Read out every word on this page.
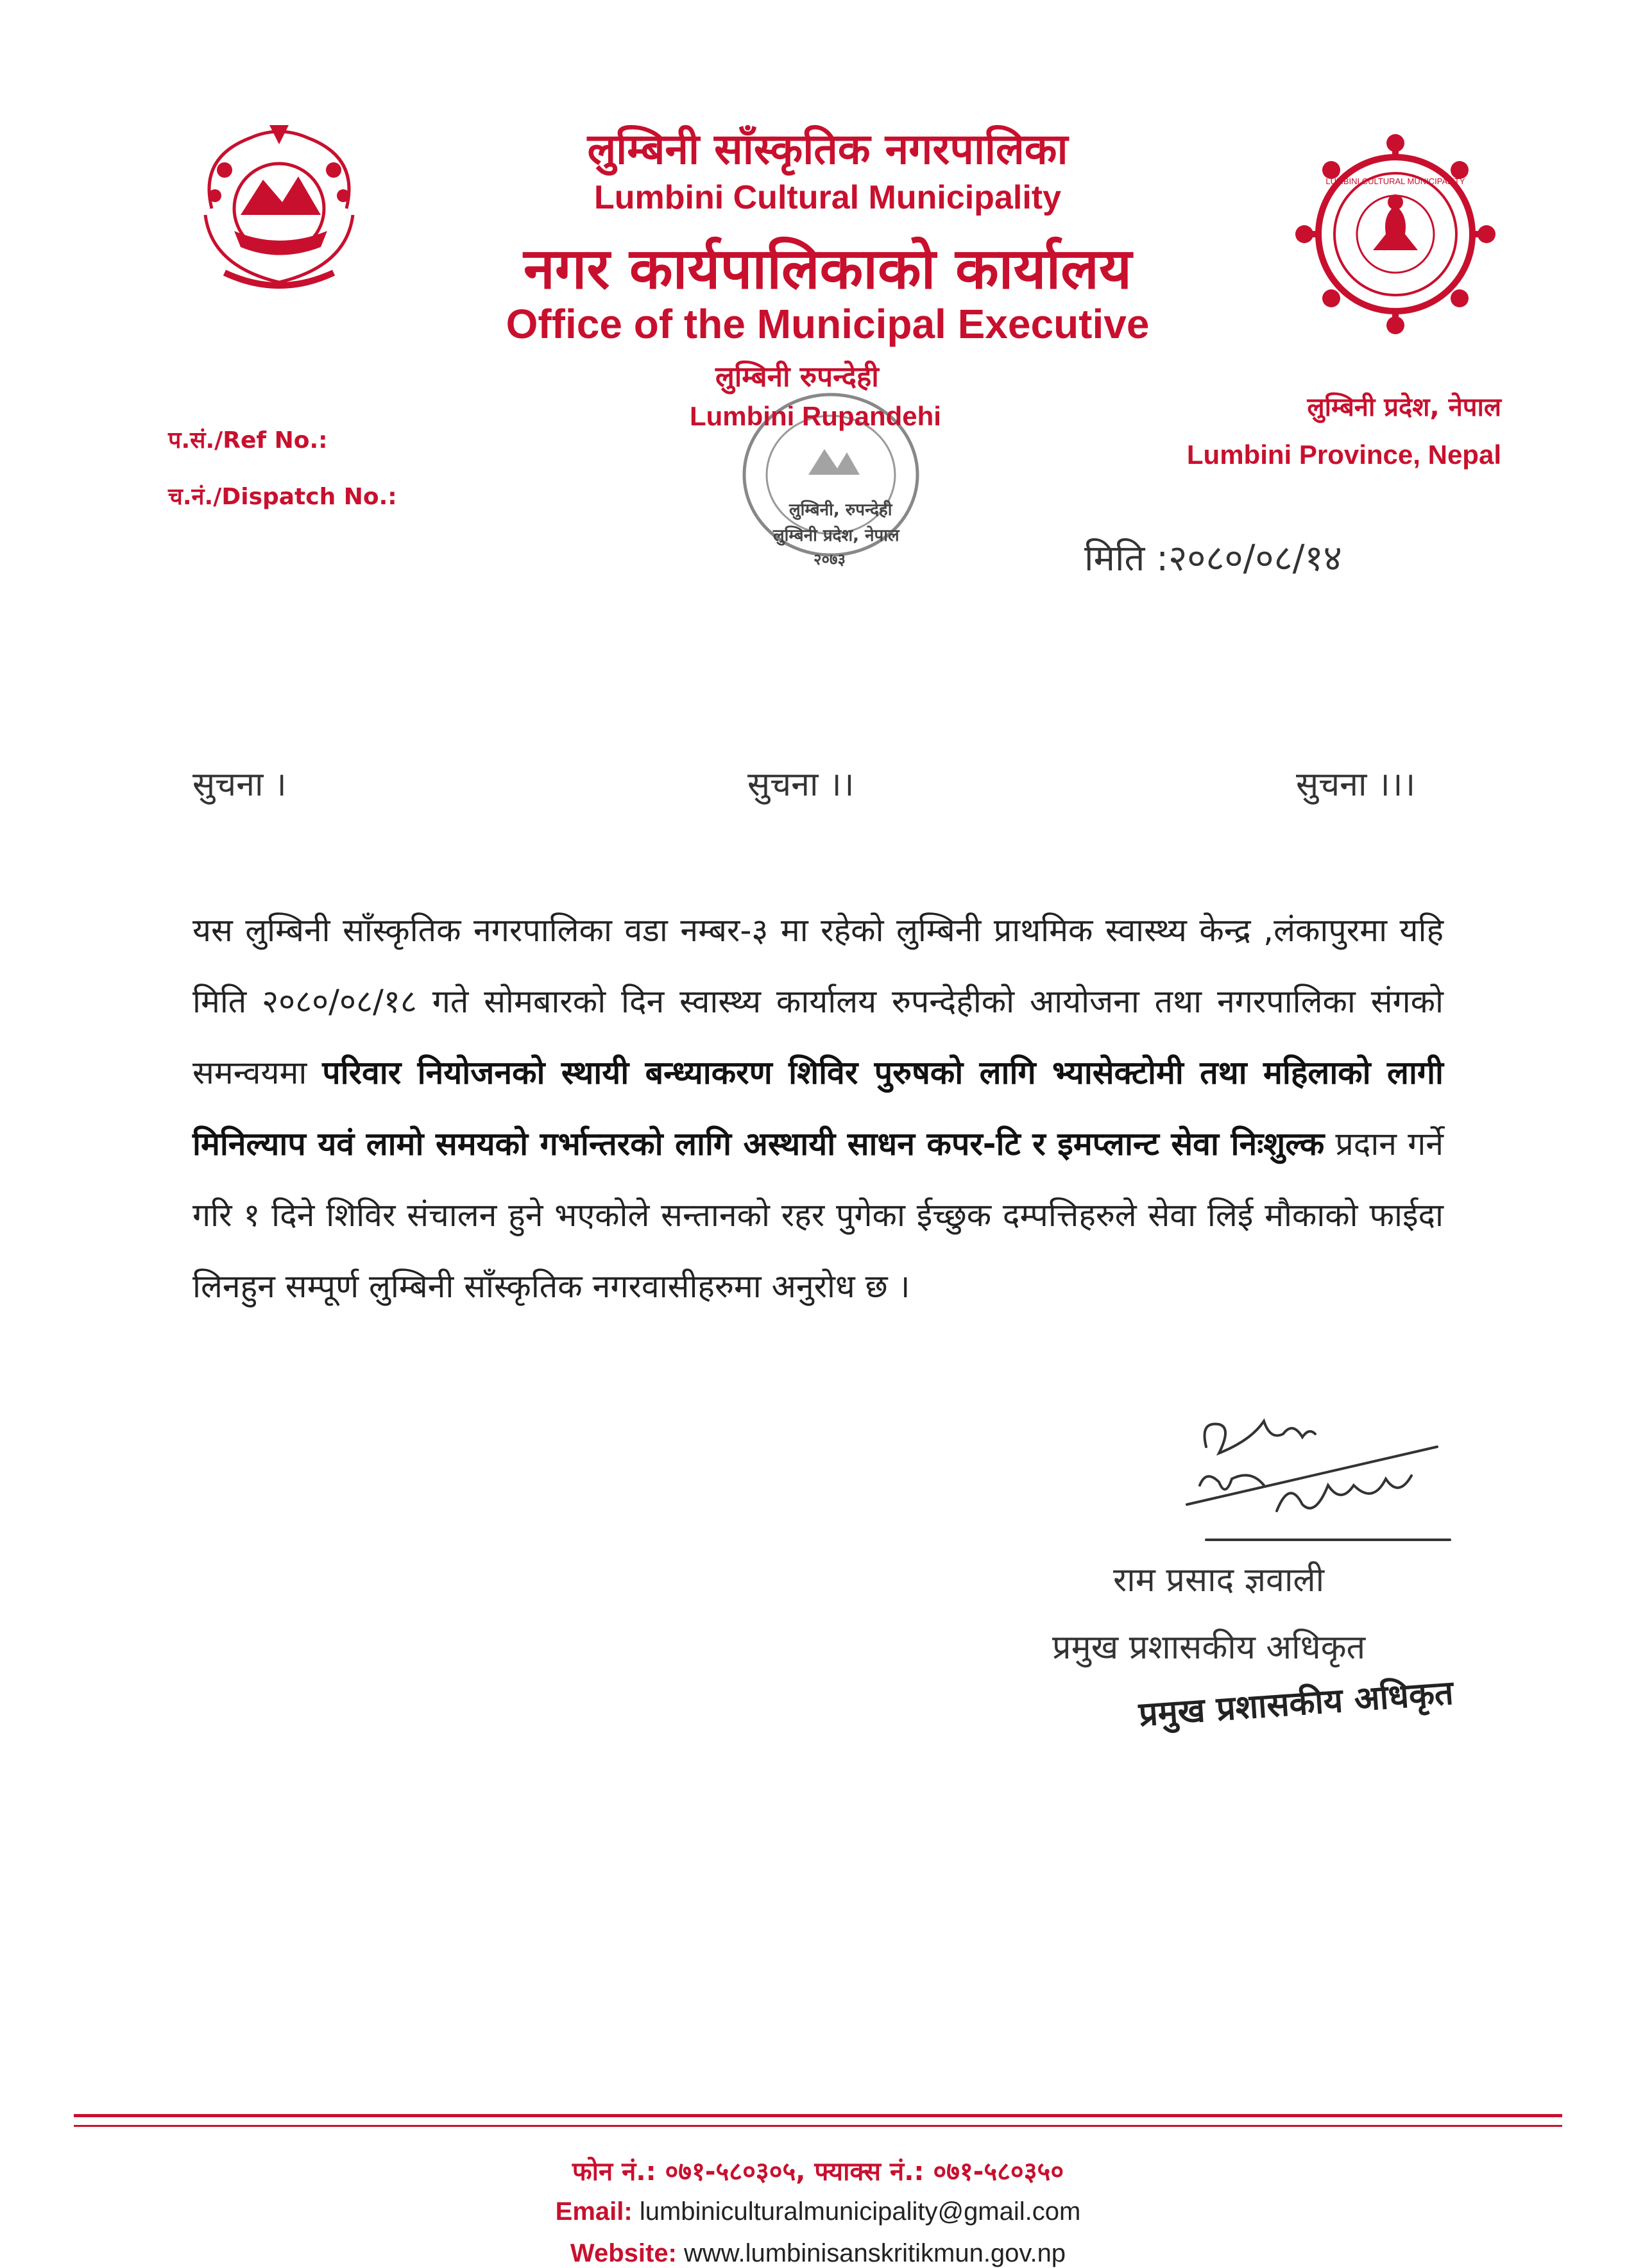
LUMBINI CULTURAL MUNICIPALITY
लुम्बिनी साँस्कृतिक नगरपालिका
Lumbini Cultural Municipality
नगर कार्यपालिकाको कार्यालय
Office of the Municipal Executive
प.सं./Ref No.:
च.नं./Dispatch No.:
लुम्बिनी रुपन्देही
Lumbini Rupandehi
लुम्बिनी, रुपन्देही
लुम्बिनी प्रदेश, नेपाल
२०७३
लुम्बिनी प्रदेश, नेपाल
Lumbini Province, Nepal
मिति :२०८०/०८/१४
सुचना ।	सुचना ।।	सुचना ।।।
यस लुम्बिनी साँस्कृतिक नगरपालिका वडा नम्बर-३ मा रहेको लुम्बिनी प्राथमिक स्वास्थ्य केन्द्र ,लंकापुरमा यहि मिति २०८०/०८/१८ गते सोमबारको दिन स्वास्थ्य कार्यालय रुपन्देहीको आयोजना तथा नगरपालिका संगको समन्वयमा परिवार नियोजनको स्थायी बन्ध्याकरण शिविर पुरुषको लागि भ्यासेक्टोमी तथा महिलाको लागी मिनिल्याप यवं लामो समयको गर्भान्तरको लागि अस्थायी साधन कपर-टि र इमप्लान्ट सेवा निःशुल्क प्रदान गर्ने गरि १ दिने शिविर संचालन हुने भएकोले सन्तानको रहर पुगेका ईच्छुक दम्पत्तिहरुले सेवा लिई मौकाको फाईदा लिनहुन सम्पूर्ण लुम्बिनी साँस्कृतिक नगरवासीहरुमा अनुरोध छ ।
राम प्रसाद ज्ञवाली
प्रमुख प्रशासकीय अधिकृत
प्रमुख प्रशासकीय अधिकृत
फोन नं.: ०७१-५८०३०५, फ्याक्स नं.: ०७१-५८०३५०
Email: lumbiniculturalmunicipality@gmail.com
Website: www.lumbinisanskritikmun.gov.np
